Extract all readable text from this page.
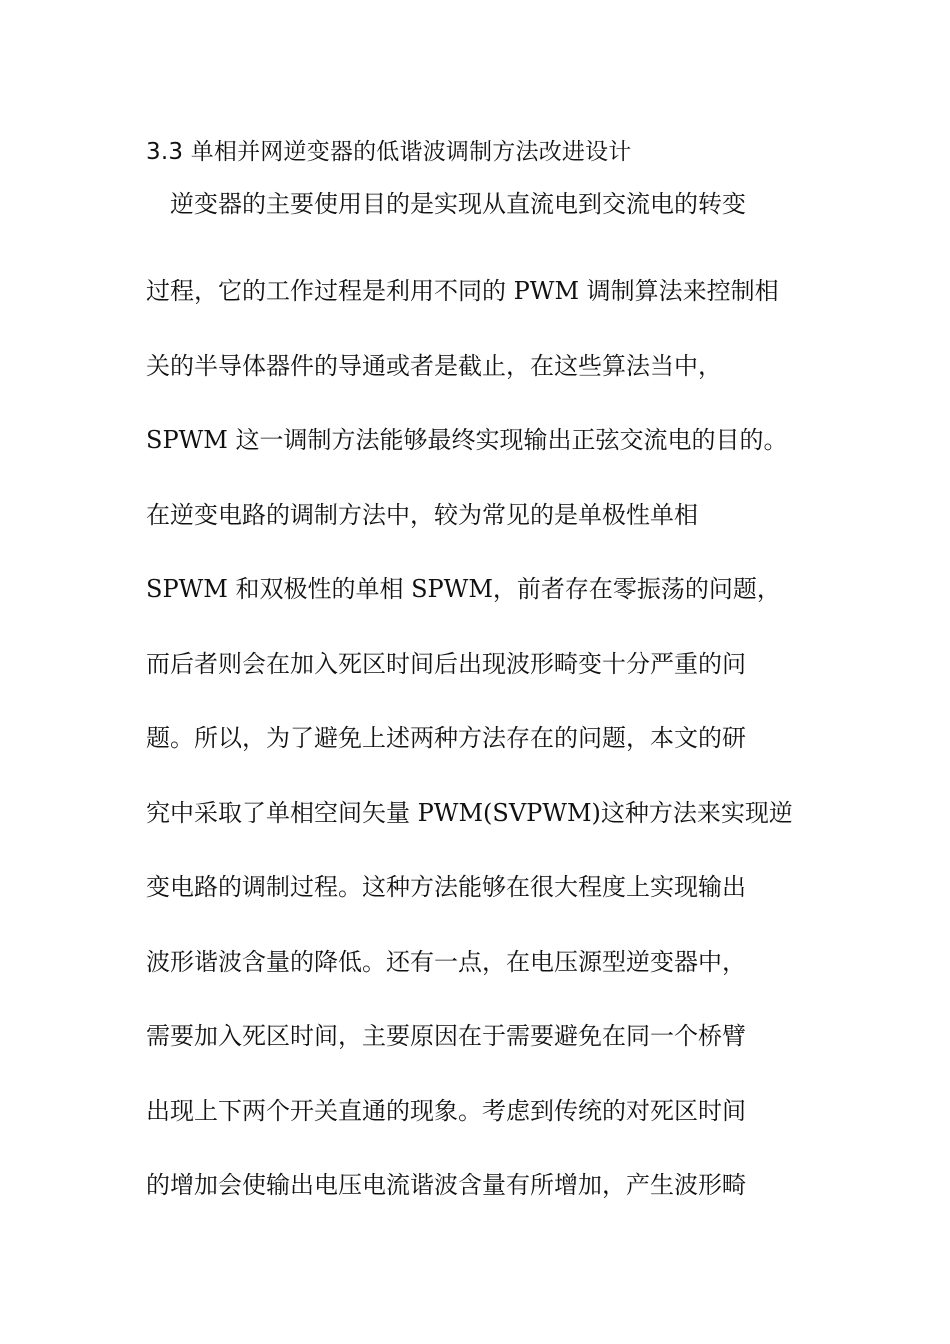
3.3 单相并网逆变器的低谐波调制方法改进设计
　逆变器的主要使用目的是实现从直流电到交流电的转变
过程，它的工作过程是利用不同的 PWM 调制算法来控制相
关的半导体器件的导通或者是截止，在这些算法当中，
SPWM 这一调制方法能够最终实现输出正弦交流电的目的。
在逆变电路的调制方法中，较为常见的是单极性单相
SPWM 和双极性的单相 SPWM，前者存在零振荡的问题，
而后者则会在加入死区时间后出现波形畸变十分严重的问
题。所以，为了避免上述两种方法存在的问题，本文的研
究中采取了单相空间矢量 PWM(SVPWM)这种方法来实现逆
变电路的调制过程。这种方法能够在很大程度上实现输出
波形谐波含量的降低。还有一点，在电压源型逆变器中，
需要加入死区时间，主要原因在于需要避免在同一个桥臂
出现上下两个开关直通的现象。考虑到传统的对死区时间
的增加会使输出电压电流谐波含量有所增加，产生波形畸
